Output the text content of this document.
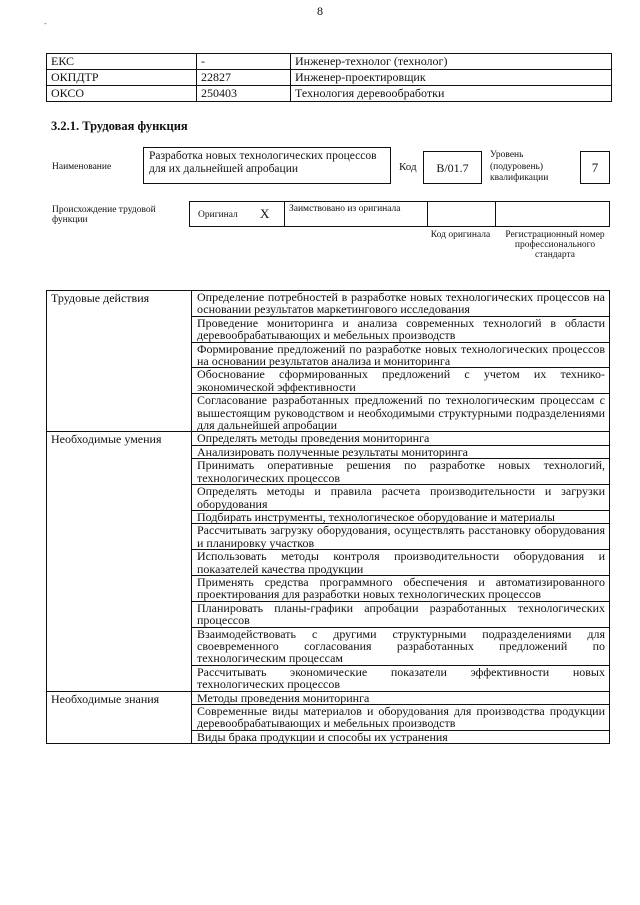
8
-
ЕКС	-	Инженер-технолог (технолог)
ОКПДТР	22827	Инженер-проектировщик
ОКСО	250403	Технология деревообработки
3.2.1. Трудовая функция
Наименование
Разработка новых технологических процессов для их дальнейшей апробации	Код	В/01.7
Уровень (подуровень) квалификации
7
Происхождение трудовой функции	Оригинал X Заимствовано из оригинала
Код оригинала	Регистрационный номер профессионального стандарта
Трудовые действия	Определение потребностей в разработке новых технологических процессов на основании результатов маркетингового исследования
	Проведение мониторинга и анализа современных технологий в области деревообрабатывающих и мебельных производств
	Формирование предложений по разработке новых технологических процессов на основании результатов анализа и мониторинга
	Обоснование сформированных предложений с учетом их технико-экономической эффективности
	Согласование разработанных предложений по технологическим процессам с вышестоящим руководством и необходимыми структурными подразделениями для дальнейшей апробации
Необходимые умения	Определять методы проведения мониторинга
	Анализировать полученные результаты мониторинга
	Принимать оперативные решения по разработке новых технологий, технологических процессов
	Определять методы и правила расчета производительности и загрузки оборудования
	Подбирать инструменты, технологическое оборудование и материалы
	Рассчитывать загрузку оборудования, осуществлять расстановку оборудования и планировку участков
	Использовать методы контроля производительности оборудования и показателей качества продукции
	Применять средства программного обеспечения и автоматизированного проектирования для разработки новых технологических процессов
	Планировать планы-графики апробации разработанных технологических процессов
	Взаимодействовать с другими структурными подразделениями для своевременного согласования разработанных предложений по технологическим процессам
	Рассчитывать экономические показатели эффективности новых технологических процессов
Необходимые знания	Методы проведения мониторинга
	Современные виды материалов и оборудования для производства продукции деревообрабатывающих и мебельных производств
	Виды брака продукции и способы их устранения
